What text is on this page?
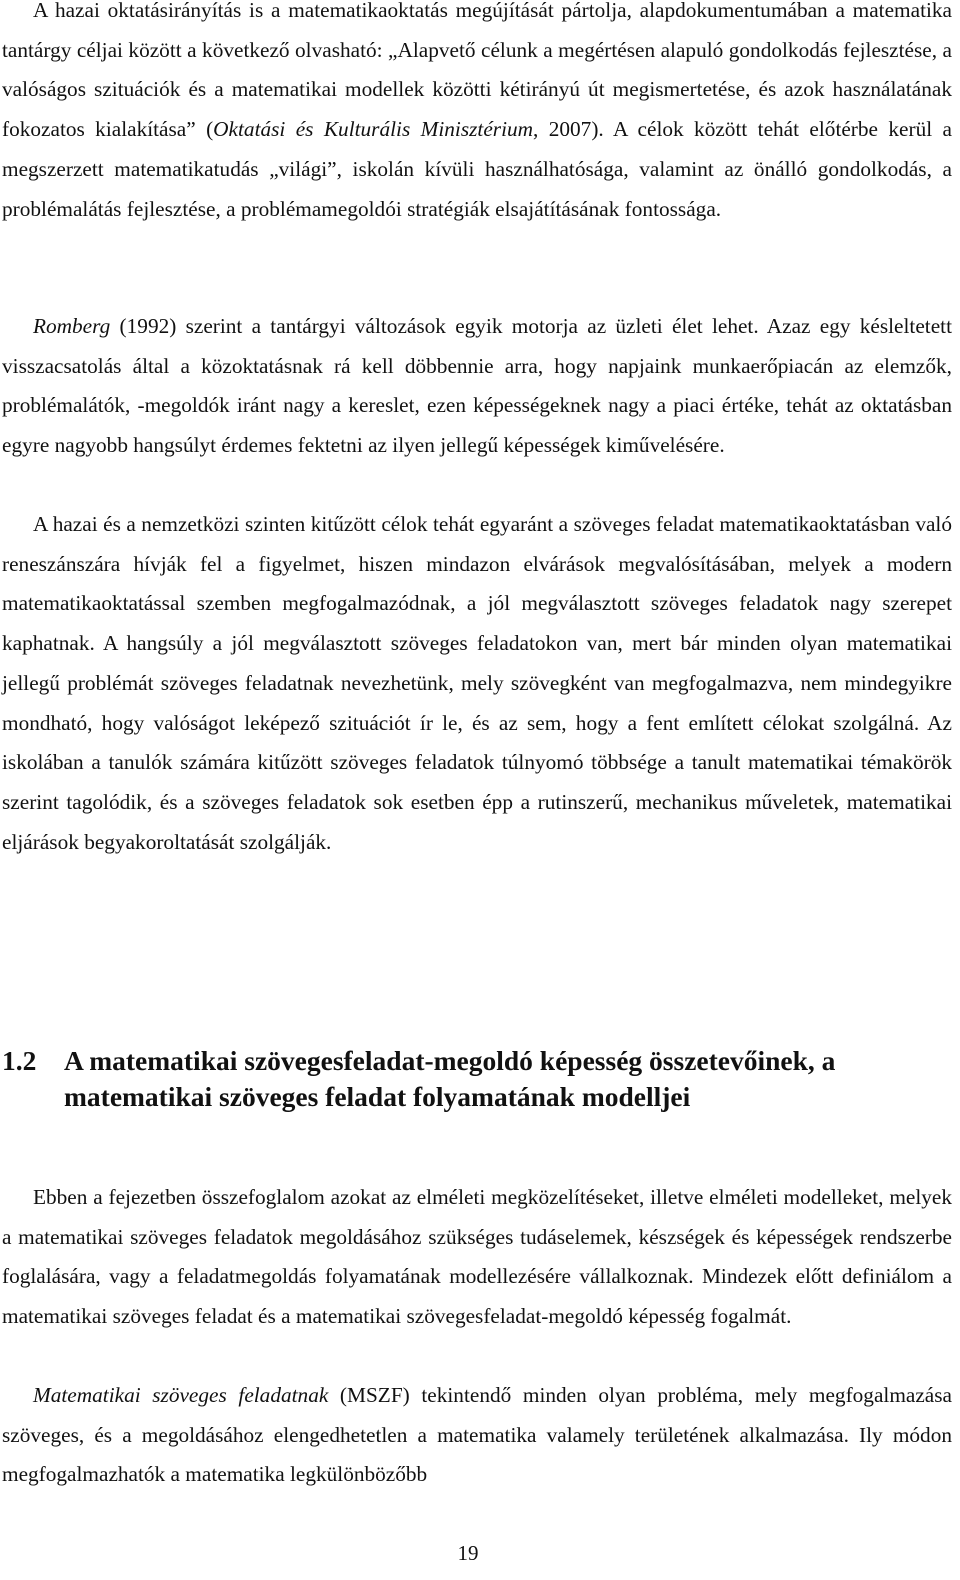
A hazai oktatásirányítás is a matematikaoktatás megújítását pártolja, alapdokumentumában a matematika tantárgy céljai között a következő olvasható: „Alapvető célunk a megértésen alapuló gondolkodás fejlesztése, a valóságos szituációk és a matematikai modellek közötti kétirányú út megismertetése, és azok használatának fokozatos kialakítása” (Oktatási és Kulturális Minisztérium, 2007). A célok között tehát előtérbe kerül a megszerzett matematikatudás „világi”, iskolán kívüli használhatósága, valamint az önálló gondolkodás, a problémalátás fejlesztése, a problémamegoldói stratégiák elsajátításának fontossága.

Romberg (1992) szerint a tantárgyi változások egyik motorja az üzleti élet lehet. Azaz egy késleltetett visszacsatolás által a közoktatásnak rá kell döbbennie arra, hogy napjaink munkaerőpiacán az elemzők, problémalátók, -megoldók iránt nagy a kereslet, ezen képességeknek nagy a piaci értéke, tehát az oktatásban egyre nagyobb hangsúlyt érdemes fektetni az ilyen jellegű képességek kiművelésére.

A hazai és a nemzetközi szinten kitűzött célok tehát egyaránt a szöveges feladat matematikaoktatásban való reneszánszára hívják fel a figyelmet, hiszen mindazon elvárások megvalósításában, melyek a modern matematikaoktatással szemben megfogalmazódnak, a jól megválasztott szöveges feladatok nagy szerepet kaphatnak. A hangsúly a jól megválasztott szöveges feladatokon van, mert bár minden olyan matematikai jellegű problémát szöveges feladatnak nevezhetünk, mely szövegként van megfogalmazva, nem mindegyikre mondható, hogy valóságot leképező szituációt ír le, és az sem, hogy a fent említett célokat szolgálná. Az iskolában a tanulók számára kitűzött szöveges feladatok túlnyomó többsége a tanult matematikai témakörök szerint tagolódik, és a szöveges feladatok sok esetben épp a rutinszerű, mechanikus műveletek, matematikai eljárások begyakoroltatását szolgálják.

1.2 A matematikai szövegesfeladat-megoldó képesség összetevőinek, a matematikai szöveges feladat folyamatának modelljei

Ebben a fejezetben összefoglalom azokat az elméleti megközelítéseket, illetve elméleti modelleket, melyek a matematikai szöveges feladatok megoldásához szükséges tudáselemek, készségek és képességek rendszerbe foglalására, vagy a feladatmegoldás folyamatának modellezésére vállalkoznak. Mindezek előtt definiálom a matematikai szöveges feladat és a matematikai szövegesfeladat-megoldó képesség fogalmát.

Matematikai szöveges feladatnak (MSZF) tekintendő minden olyan probléma, mely megfogalmazása szöveges, és a megoldásához elengedhetetlen a matematika valamely területének alkalmazása. Ily módon megfogalmazhatók a matematika legkülönbözőbb

19
